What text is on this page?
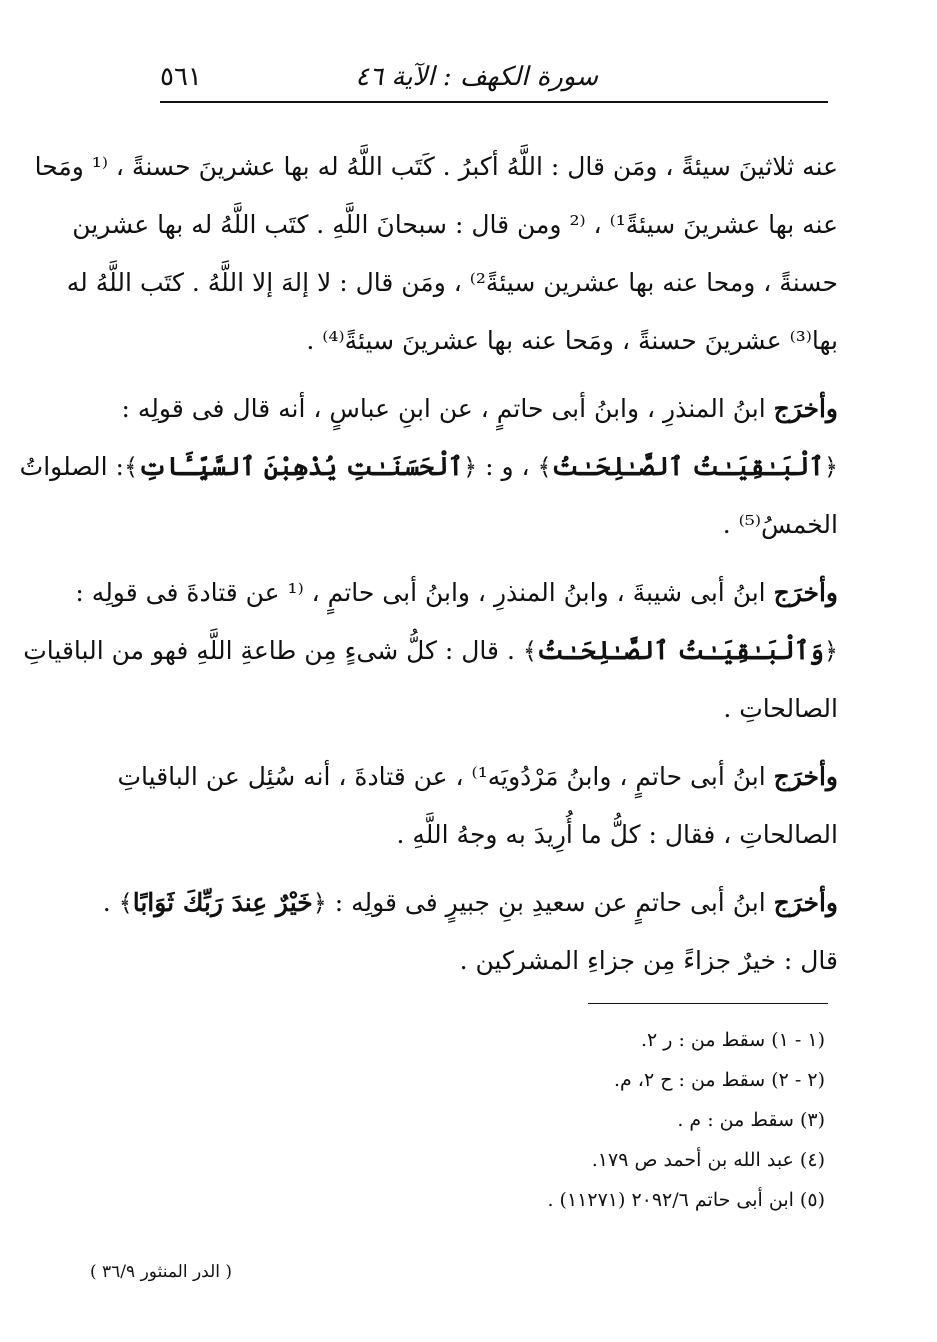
سورة الكهف : الآية ٤٦
٥٦١
عنه ثلاثينَ سيئةً ، ومَن قال : اللَّهُ أكبرُ . كَتَب اللَّهُ له بها عشرينَ حسنةً ، ⁽¹ ومَحا
عنه بها عشرينَ سيئةً¹⁾ ، ⁽² ومن قال : سبحانَ اللَّهِ . كتَب اللَّهُ له بها عشرين
حسنةً ، ومحا عنه بها عشرين سيئةً²⁾ ، ومَن قال : لا إلهَ إلا اللَّهُ . كتَب اللَّهُ له
بها⁽³⁾ عشرينَ حسنةً ، ومَحا عنه بها عشرينَ سيئةً⁽⁴⁾ .
وأخرَج ابنُ المنذرِ ، وابنُ أبى حاتمٍ ، عن ابنِ عباسٍ ، أنه قال فى قولِه :
﴿ٱلْبَـٰقِيَـٰتُ ٱلصَّـٰلِحَـٰتُ﴾ ، و : ﴿ٱلْحَسَنَـٰتِ يُذْهِبْنَ ٱلسَّيِّـَٔاتِ﴾: الصلواتُ
الخمسُ⁽⁵⁾ .
وأخرَج ابنُ أبى شيبةَ ، وابنُ المنذرِ ، وابنُ أبى حاتمٍ ، ⁽¹ عن قتادةَ فى قولِه :
﴿وَٱلْبَـٰقِيَـٰتُ ٱلصَّـٰلِحَـٰتُ﴾ . قال : كلُّ شىءٍ مِن طاعةِ اللَّهِ فهو من الباقياتِ
الصالحاتِ .
وأخرَج ابنُ أبى حاتمٍ ، وابنُ مَرْدُويَه¹⁾ ، عن قتادةَ ، أنه سُئِل عن الباقياتِ
الصالحاتِ ، فقال : كلُّ ما أُرِيدَ به وجهُ اللَّهِ .
وأخرَج ابنُ أبى حاتمٍ عن سعيدِ بنِ جبيرٍ فى قولِه : ﴿خَيْرٌ عِندَ رَبِّكَ ثَوَابًا﴾ .
قال : خيرٌ جزاءً مِن جزاءِ المشركين .
(١ - ١) سقط من : ر ٢.
(٢ - ٢) سقط من : ح ٢، م.
(٣) سقط من : م .
(٤) عبد الله بن أحمد ص ١٧٩.
(٥) ابن أبى حاتم ٢٠٩٢/٦ (١١٢٧١) .
( الدر المنثور ٣٦/٩ )
